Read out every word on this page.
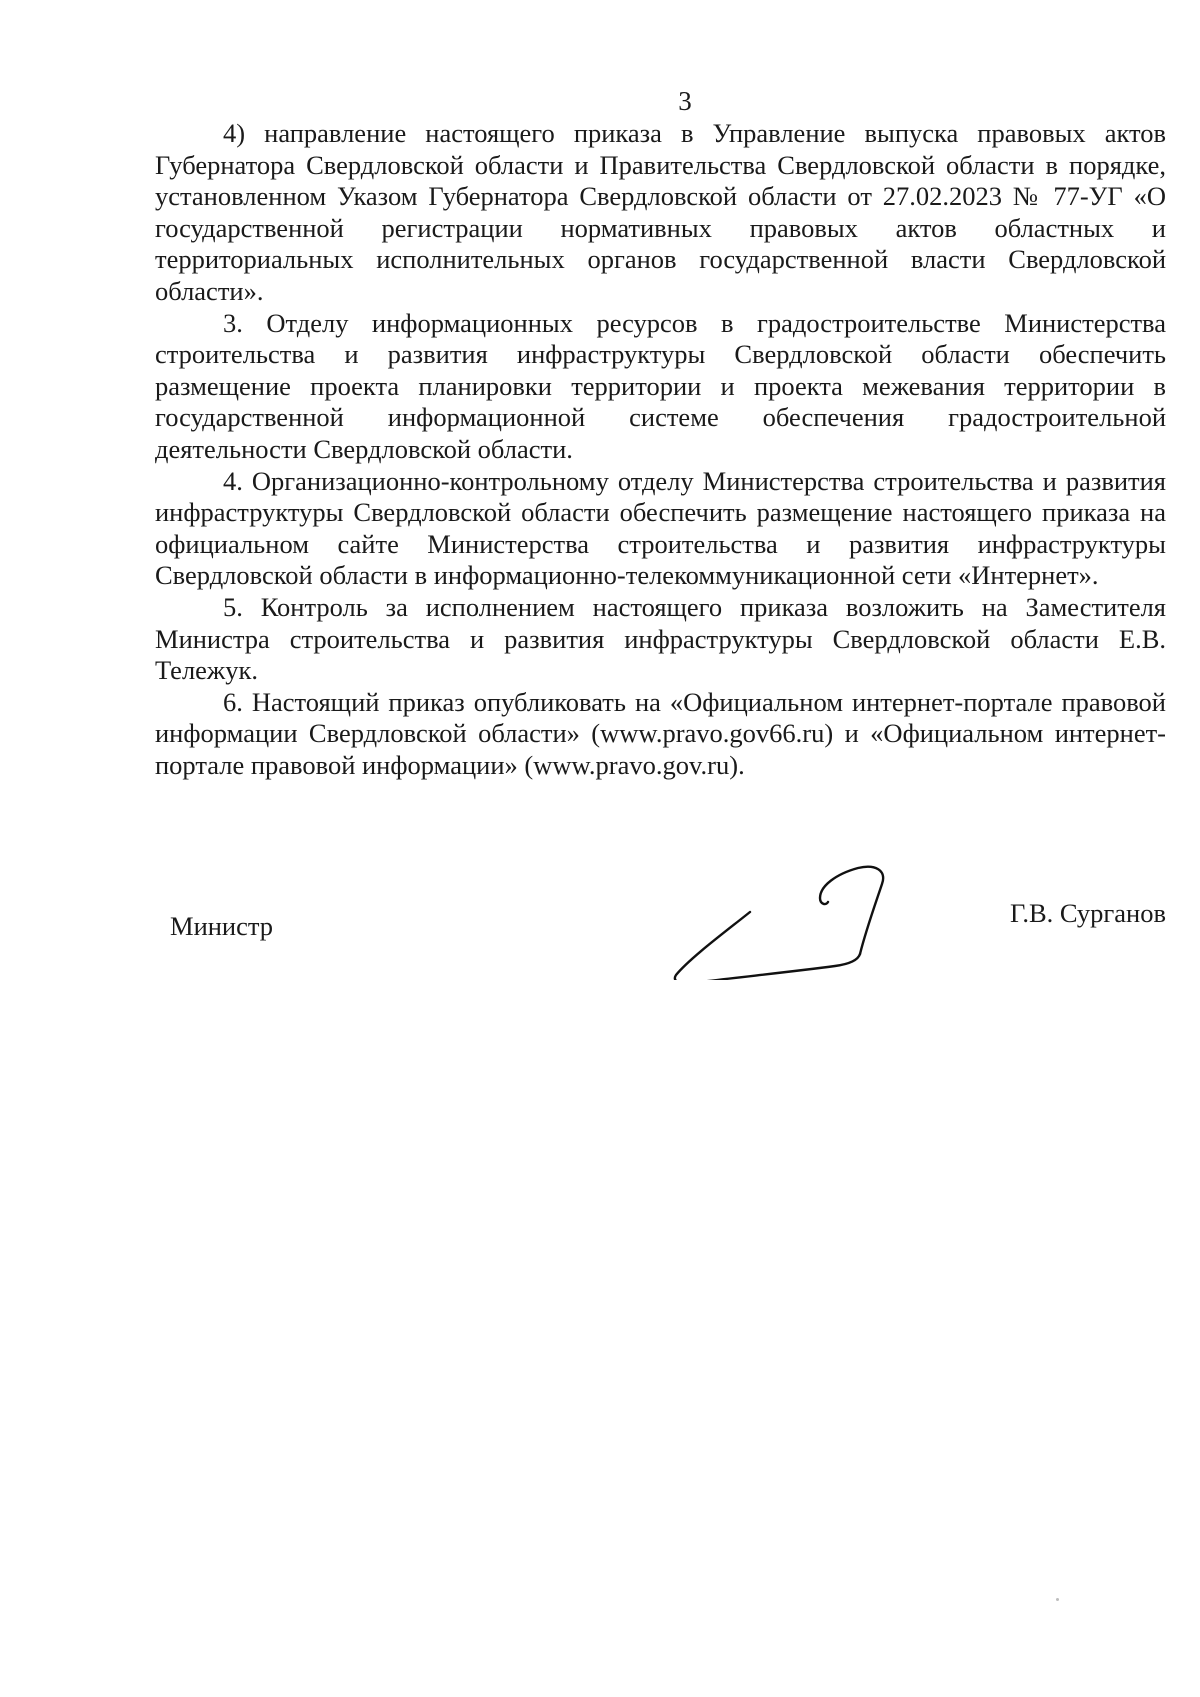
3

4) направление настоящего приказа в Управление выпуска правовых актов Губернатора Свердловской области и Правительства Свердловской области в порядке, установленном Указом Губернатора Свердловской области от 27.02.2023 № 77-УГ «О государственной регистрации нормативных правовых актов областных и территориальных исполнительных органов государственной власти Свердловской области».

3. Отделу информационных ресурсов в градостроительстве Министерства строительства и развития инфраструктуры Свердловской области обеспечить размещение проекта планировки территории и проекта межевания территории в государственной информационной системе обеспечения градостроительной деятельности Свердловской области.

4. Организационно-контрольному отделу Министерства строительства и развития инфраструктуры Свердловской области обеспечить размещение настоящего приказа на официальном сайте Министерства строительства и развития инфраструктуры Свердловской области в информационно-телекоммуникационной сети «Интернет».

5. Контроль за исполнением настоящего приказа возложить на Заместителя Министра строительства и развития инфраструктуры Свердловской области Е.В. Тележук.

6. Настоящий приказ опубликовать на «Официальном интернет-портале правовой информации Свердловской области» (www.pravo.gov66.ru) и «Официальном интернет-портале правовой информации» (www.pravo.gov.ru).

Министр	Г.В. Сурганов
